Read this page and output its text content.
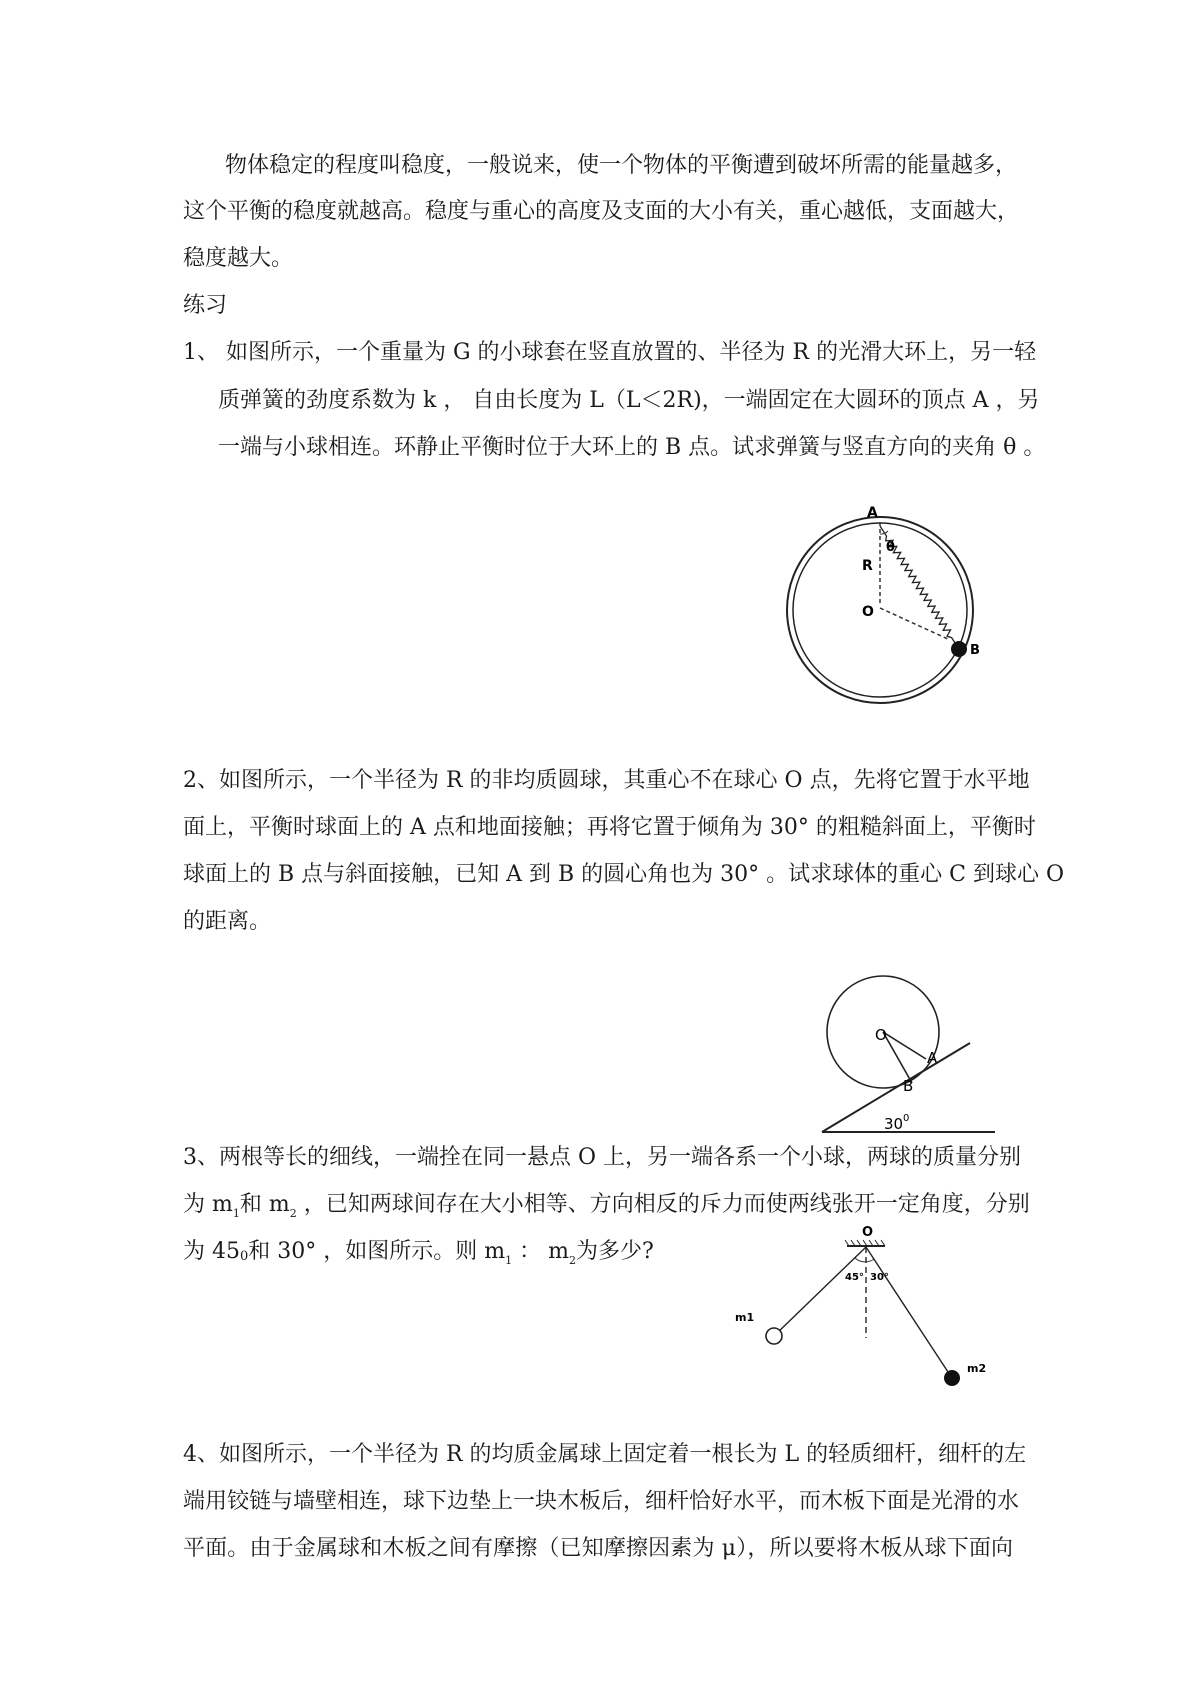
物体稳定的程度叫稳度，一般说来，使一个物体的平衡遭到破坏所需的能量越多，
这个平衡的稳度就越高。稳度与重心的高度及支面的大小有关，重心越低，支面越大，
稳度越大。
练习
1、 如图所示，一个重量为 G 的小球套在竖直放置的、半径为 R 的光滑大环上，另一轻
质弹簧的劲度系数为 k ， 自由长度为 L（L＜2R)，一端固定在大圆环的顶点 A ，另
一端与小球相连。环静止平衡时位于大环上的 B 点。试求弹簧与竖直方向的夹角 θ 。
A
θ
R
O
B
2、如图所示，一个半径为 R 的非均质圆球，其重心不在球心 O 点，先将它置于水平地
面上，平衡时球面上的 A 点和地面接触；再将它置于倾角为 30° 的粗糙斜面上，平衡时
球面上的 B 点与斜面接触，已知 A 到 B 的圆心角也为 30° 。试求球体的重心 C 到球心 O
的距离。
O
A
B
30 0
3、两根等长的细线，一端拴在同一悬点 O 上，另一端各系一个小球，两球的质量分别
为 $m_1$和 $m_2$ ，已知两球间存在大小相等、方向相反的斥力而使两线张开一定角度，分别
为 450和 30° ，如图所示。则 $m_1$ ： $m_2$为多少?
O
45° 30°
m1
m2
4、如图所示，一个半径为 R 的均质金属球上固定着一根长为 L 的轻质细杆，细杆的左
端用铰链与墙壁相连，球下边垫上一块木板后，细杆恰好水平，而木板下面是光滑的水
平面。由于金属球和木板之间有摩擦（已知摩擦因素为 μ），所以要将木板从球下面向
